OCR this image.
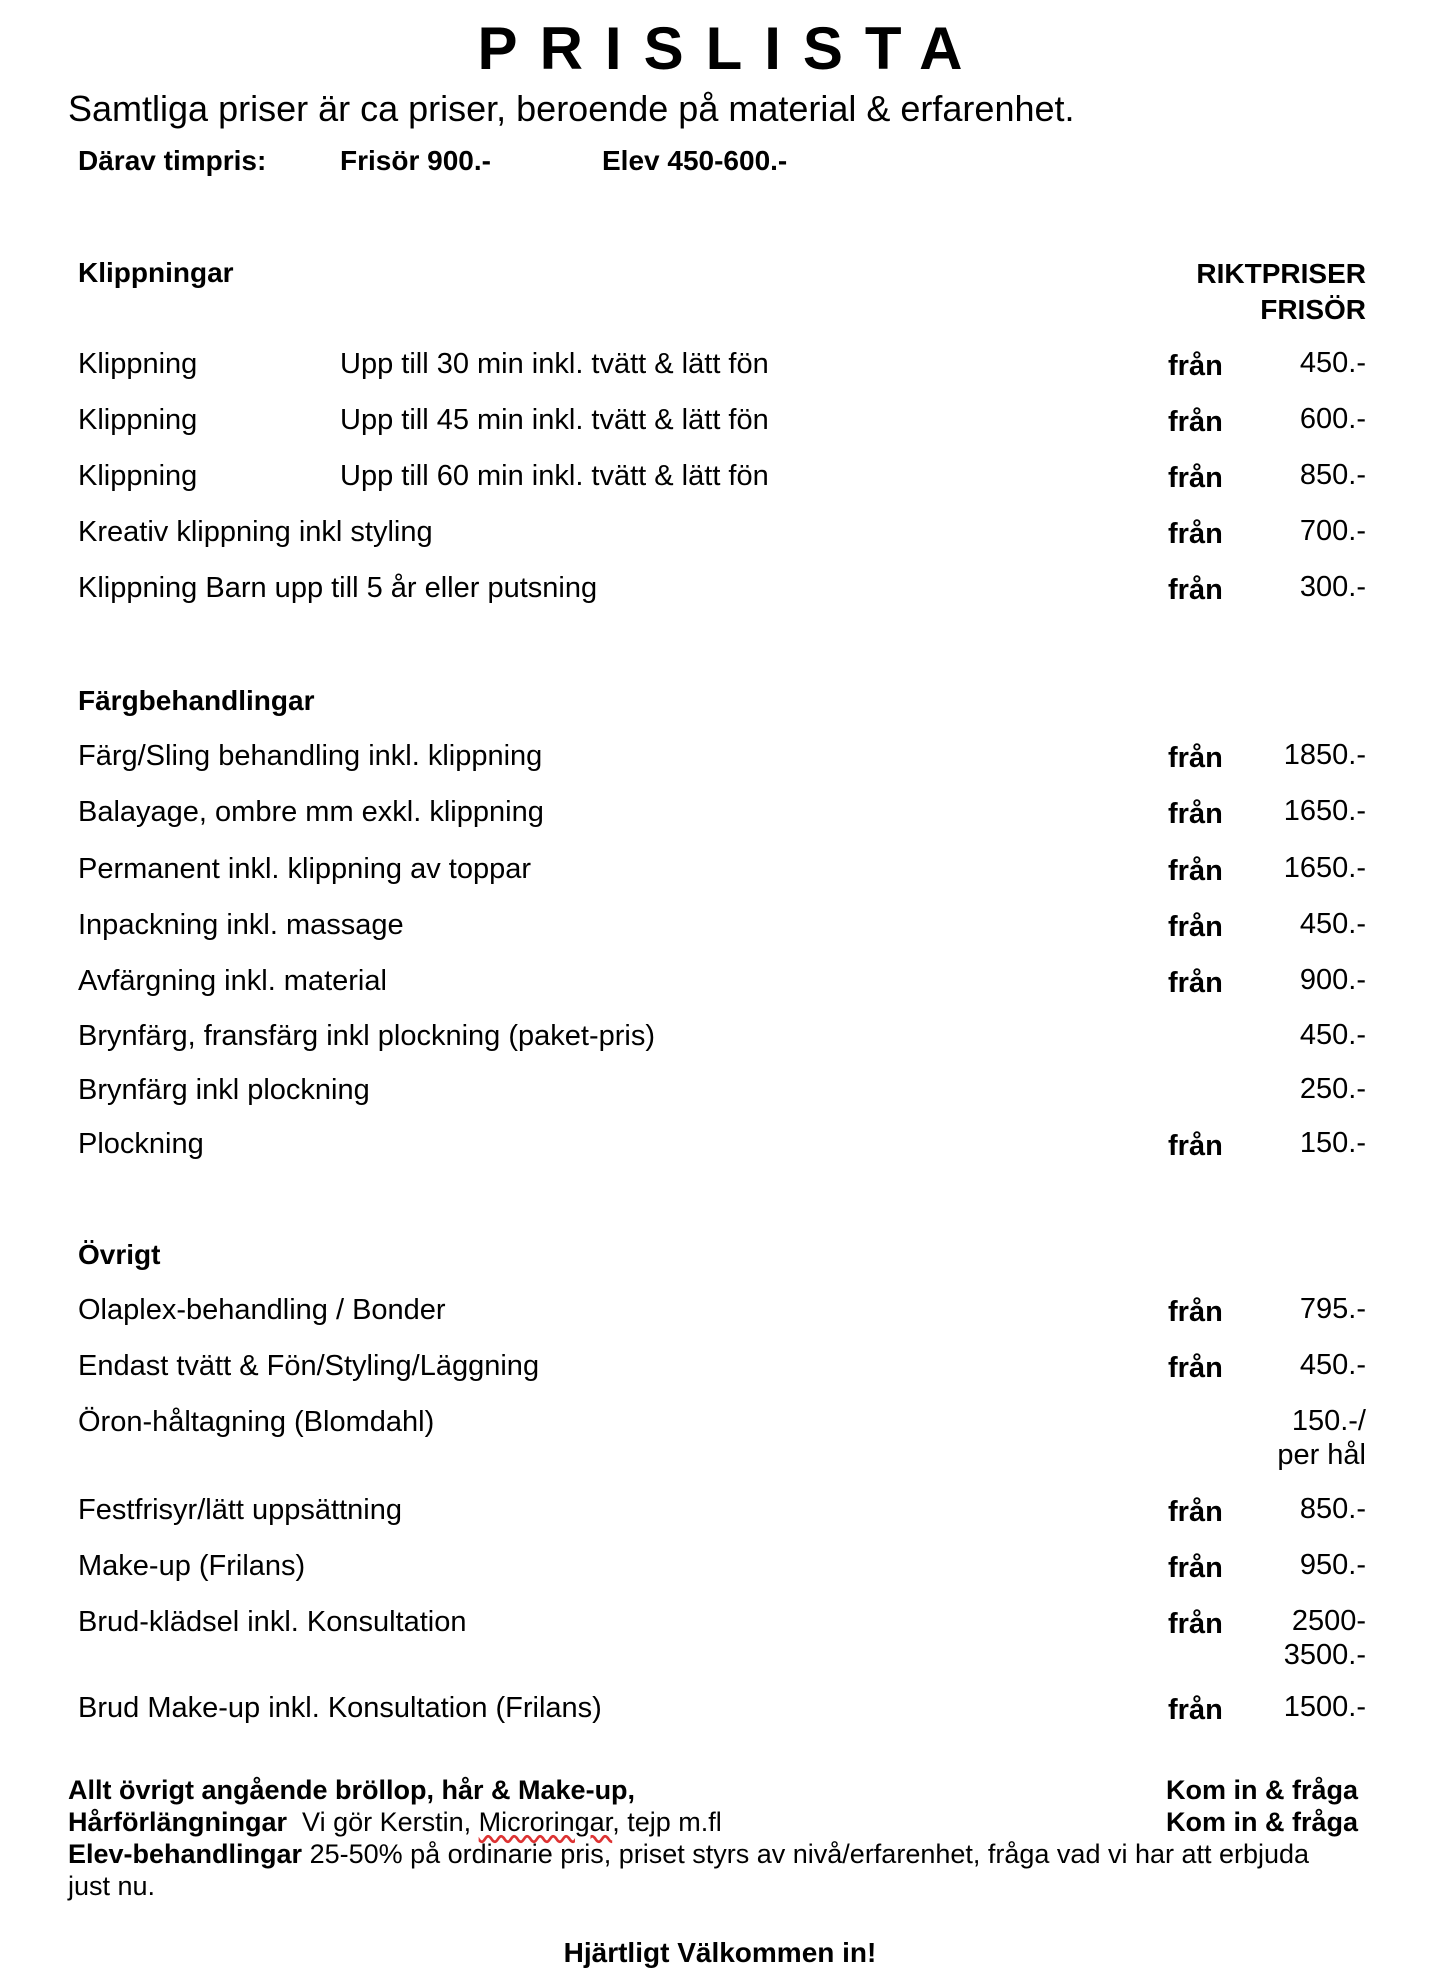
PRISLISTA
Samtliga priser är ca priser, beroende på material & erfarenhet.
Därav timpris:	Frisör 900.-	Elev 450-600.-
Klippningar	RIKTPRISER
FRISÖR
Klippning	Upp till 30 min inkl. tvätt & lätt fön	från	450.-
Klippning	Upp till 45 min inkl. tvätt & lätt fön	från	600.-
Klippning	Upp till 60 min inkl. tvätt & lätt fön	från	850.-
Kreativ klippning inkl styling	från	700.-
Klippning Barn upp till 5 år eller putsning	från	300.-
Färgbehandlingar
Färg/Sling behandling inkl. klippning	från 1850.-
Balayage, ombre mm exkl. klippning	från 1650.-
Permanent inkl. klippning av toppar	från 1650.-
Inpackning inkl. massage	från	450.-
Avfärgning inkl. material	från	900.-
Brynfärg, fransfärg inkl plockning (paket-pris)	450.-
Brynfärg inkl plockning	250.-
Plockning	från	150.-
Övrigt
Olaplex-behandling / Bonder	från	795.-
Endast tvätt & Fön/Styling/Läggning	från	450.-
Öron-håltagning (Blomdahl)	150.-/
per hål
Festfrisyr/lätt uppsättning	från	850.-
Make-up (Frilans)	från	950.-
Brud-klädsel inkl. Konsultation	från 2500-
3500.-
Brud Make-up inkl. Konsultation (Frilans)	från 1500.-
Allt övrigt angående bröllop, hår & Make-up,	Kom in & fråga
Hårförlängningar Vi gör Kerstin, Microringar, tejp m.fl	Kom in & fråga
Elev-behandlingar 25-50% på ordinarie pris, priset styrs av nivå/erfarenhet, fråga vad vi har att erbjuda just nu.
Hjärtligt Välkommen in!
